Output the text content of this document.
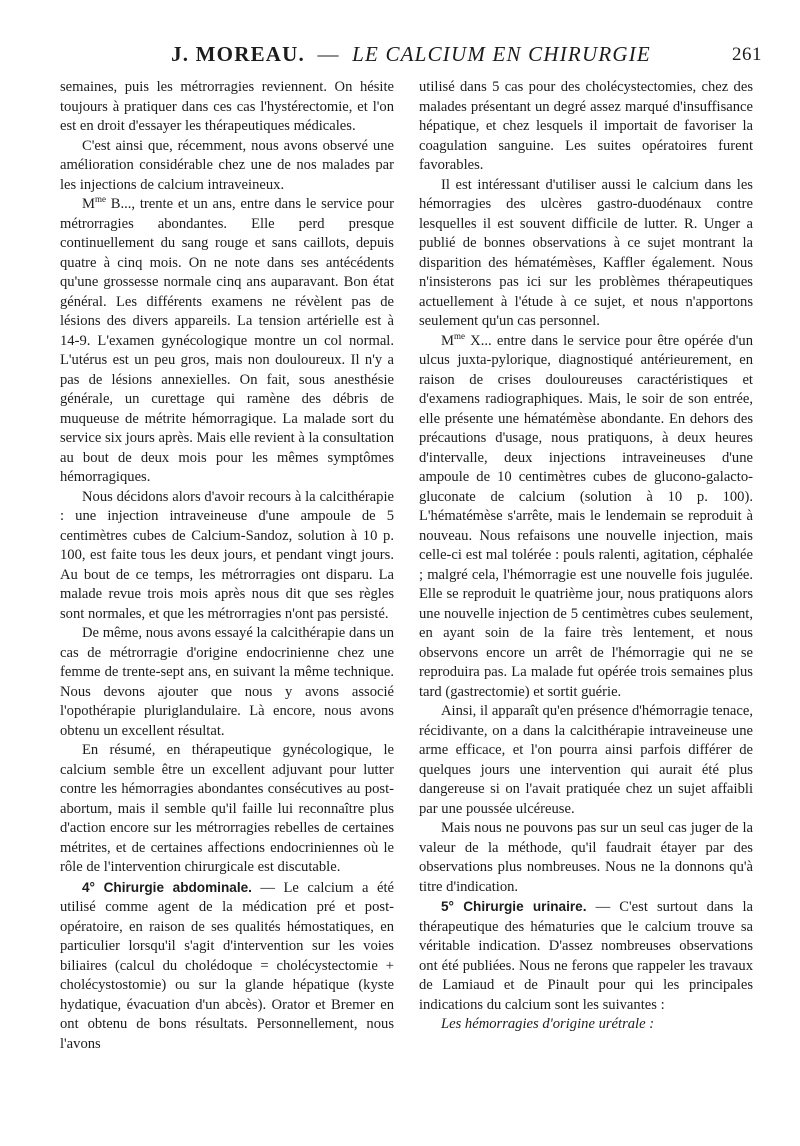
J. MOREAU. — LE CALCIUM EN CHIRURGIE	261

semaines, puis les métrorragies reviennent. On hésite toujours à pratiquer dans ces cas l'hystérectomie, et l'on est en droit d'essayer les thérapeutiques médicales.

C'est ainsi que, récemment, nous avons observé une amélioration considérable chez une de nos malades par les injections de calcium intraveineux.

$M^{me}$ B..., trente et un ans, entre dans le service pour métrorragies abondantes. Elle perd presque continuellement du sang rouge et sans caillots, depuis quatre à cinq mois. On ne note dans ses antécédents qu'une grossesse normale cinq ans auparavant. Bon état général. Les différents examens ne révèlent pas de lésions des divers appareils. La tension artérielle est à 14-9. L'examen gynécologique montre un col normal. L'utérus est un peu gros, mais non douloureux. Il n'y a pas de lésions annexielles. On fait, sous anesthésie générale, un curettage qui ramène des débris de muqueuse de métrite hémorragique. La malade sort du service six jours après. Mais elle revient à la consultation au bout de deux mois pour les mêmes symptômes hémorragiques.

Nous décidons alors d'avoir recours à la calcithérapie : une injection intraveineuse d'une ampoule de 5 centimètres cubes de Calcium-Sandoz, solution à 10 p. 100, est faite tous les deux jours, et pendant vingt jours. Au bout de ce temps, les métrorragies ont disparu. La malade revue trois mois après nous dit que ses règles sont normales, et que les métrorragies n'ont pas persisté.

De même, nous avons essayé la calcithérapie dans un cas de métrorragie d'origine endocrinienne chez une femme de trente-sept ans, en suivant la même technique. Nous devons ajouter que nous y avons associé l'opothérapie pluriglandulaire. Là encore, nous avons obtenu un excellent résultat.

En résumé, en thérapeutique gynécologique, le calcium semble être un excellent adjuvant pour lutter contre les hémorragies abondantes consécutives au post-abortum, mais il semble qu'il faille lui reconnaître plus d'action encore sur les métrorragies rebelles de certaines métrites, et de certaines affections endocriniennes où le rôle de l'intervention chirurgicale est discutable.

4° Chirurgie abdominale. — Le calcium a été utilisé comme agent de la médication pré et post-opératoire, en raison de ses qualités hémostatiques, en particulier lorsqu'il s'agit d'intervention sur les voies biliaires (calcul du cholédoque = cholécystectomie + cholécystostomie) ou sur la glande hépatique (kyste hydatique, évacuation d'un abcès). Orator et Bremer en ont obtenu de bons résultats. Personnellement, nous l'avons

utilisé dans 5 cas pour des cholécystectomies, chez des malades présentant un degré assez marqué d'insuffisance hépatique, et chez lesquels il importait de favoriser la coagulation sanguine. Les suites opératoires furent favorables.

Il est intéressant d'utiliser aussi le calcium dans les hémorragies des ulcères gastro-duodénaux contre lesquelles il est souvent difficile de lutter. R. Unger a publié de bonnes observations à ce sujet montrant la disparition des hématémèses, Kaffler également. Nous n'insisterons pas ici sur les problèmes thérapeutiques actuellement à l'étude à ce sujet, et nous n'apportons seulement qu'un cas personnel.

$M^{me}$ X... entre dans le service pour être opérée d'un ulcus juxta-pylorique, diagnostiqué antérieurement, en raison de crises douloureuses caractéristiques et d'examens radiographiques. Mais, le soir de son entrée, elle présente une hématémèse abondante. En dehors des précautions d'usage, nous pratiquons, à deux heures d'intervalle, deux injections intraveineuses d'une ampoule de 10 centimètres cubes de glucono-galacto-gluconate de calcium (solution à 10 p. 100). L'hématémèse s'arrête, mais le lendemain se reproduit à nouveau. Nous refaisons une nouvelle injection, mais celle-ci est mal tolérée : pouls ralenti, agitation, céphalée ; malgré cela, l'hémorragie est une nouvelle fois jugulée. Elle se reproduit le quatrième jour, nous pratiquons alors une nouvelle injection de 5 centimètres cubes seulement, en ayant soin de la faire très lentement, et nous observons encore un arrêt de l'hémorragie qui ne se reproduira pas. La malade fut opérée trois semaines plus tard (gastrectomie) et sortit guérie.

Ainsi, il apparaît qu'en présence d'hémorragie tenace, récidivante, on a dans la calcithérapie intraveineuse une arme efficace, et l'on pourra ainsi parfois différer de quelques jours une intervention qui aurait été plus dangereuse si on l'avait pratiquée chez un sujet affaibli par une poussée ulcéreuse.

Mais nous ne pouvons pas sur un seul cas juger de la valeur de la méthode, qu'il faudrait étayer par des observations plus nombreuses. Nous ne la donnons qu'à titre d'indication.

5° Chirurgie urinaire. — C'est surtout dans la thérapeutique des hématuries que le calcium trouve sa véritable indication. D'assez nombreuses observations ont été publiées. Nous ne ferons que rappeler les travaux de Lamiaud et de Pinault pour qui les principales indications du calcium sont les suivantes :

Les hémorragies d'origine urétrale :
